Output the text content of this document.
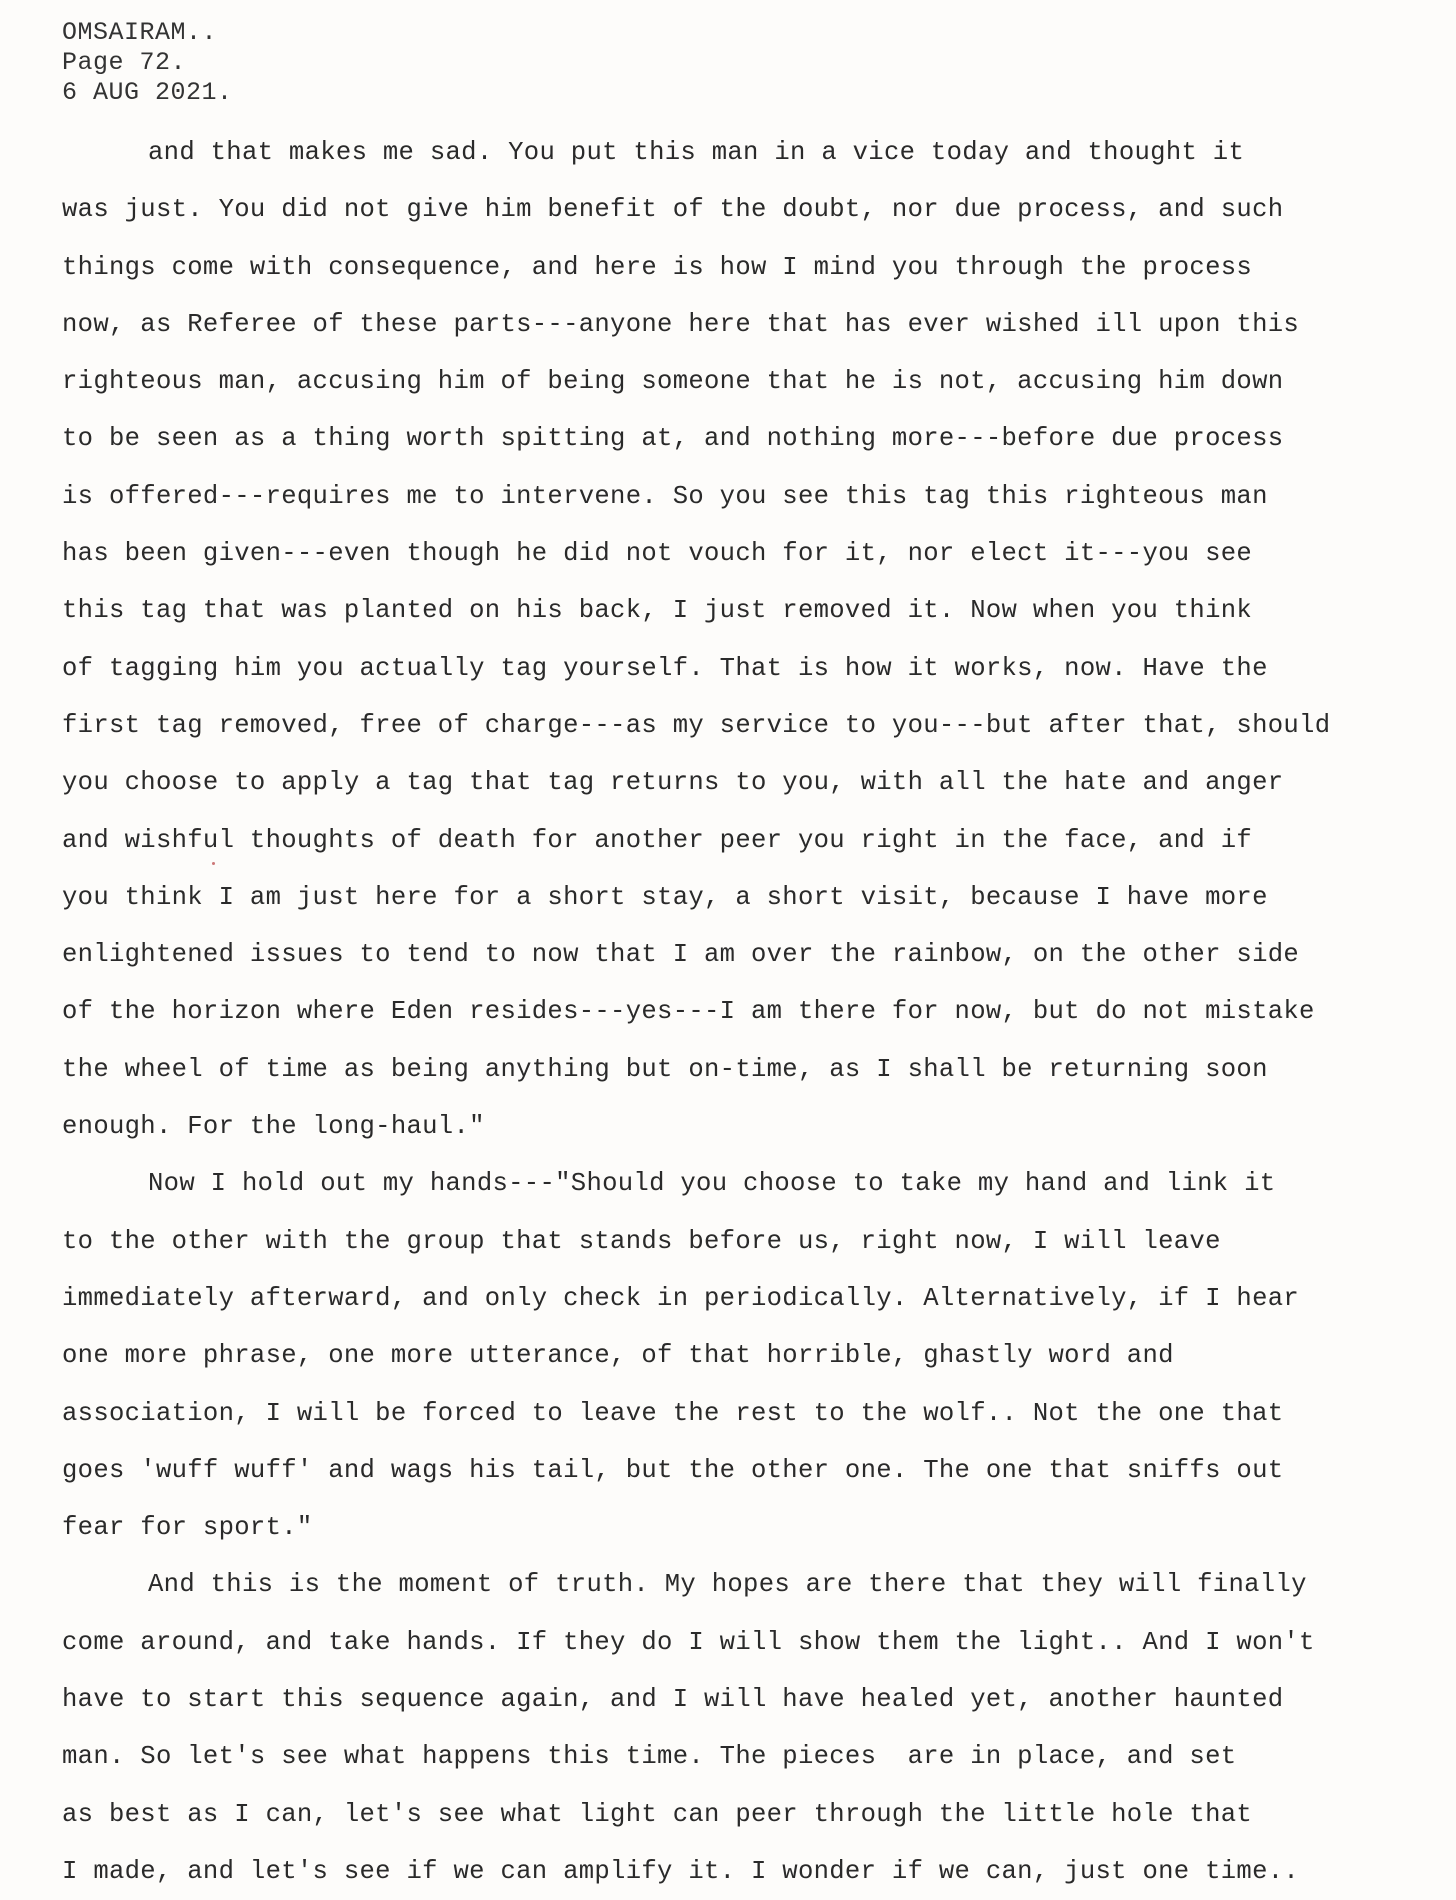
OMSAIRAM..
Page 72.
6 AUG 2021.
and that makes me sad. You put this man in a vice today and thought it
was just. You did not give him benefit of the doubt, nor due process, and such
things come with consequence, and here is how I mind you through the process
now, as Referee of these parts---anyone here that has ever wished ill upon this
righteous man, accusing him of being someone that he is not, accusing him down
to be seen as a thing worth spitting at, and nothing more---before due process
is offered---requires me to intervene. So you see this tag this righteous man
has been given---even though he did not vouch for it, nor elect it---you see
this tag that was planted on his back, I just removed it. Now when you think
of tagging him you actually tag yourself. That is how it works, now. Have the
first tag removed, free of charge---as my service to you---but after that, should
you choose to apply a tag that tag returns to you, with all the hate and anger
and wishful thoughts of death for another peer you right in the face, and if
you think I am just here for a short stay, a short visit, because I have more
enlightened issues to tend to now that I am over the rainbow, on the other side
of the horizon where Eden resides---yes---I am there for now, but do not mistake
the wheel of time as being anything but on-time, as I shall be returning soon
enough. For the long-haul."
Now I hold out my hands---"Should you choose to take my hand and link it
to the other with the group that stands before us, right now, I will leave
immediately afterward, and only check in periodically. Alternatively, if I hear
one more phrase, one more utterance, of that horrible, ghastly word and
association, I will be forced to leave the rest to the wolf.. Not the one that
goes 'wuff wuff' and wags his tail, but the other one. The one that sniffs out
fear for sport."
And this is the moment of truth. My hopes are there that they will finally
come around, and take hands. If they do I will show them the light.. And I won't
have to start this sequence again, and I will have healed yet, another haunted
man. So let's see what happens this time. The pieces  are in place, and set
as best as I can, let's see what light can peer through the little hole that
I made, and let's see if we can amplify it. I wonder if we can, just one time..
